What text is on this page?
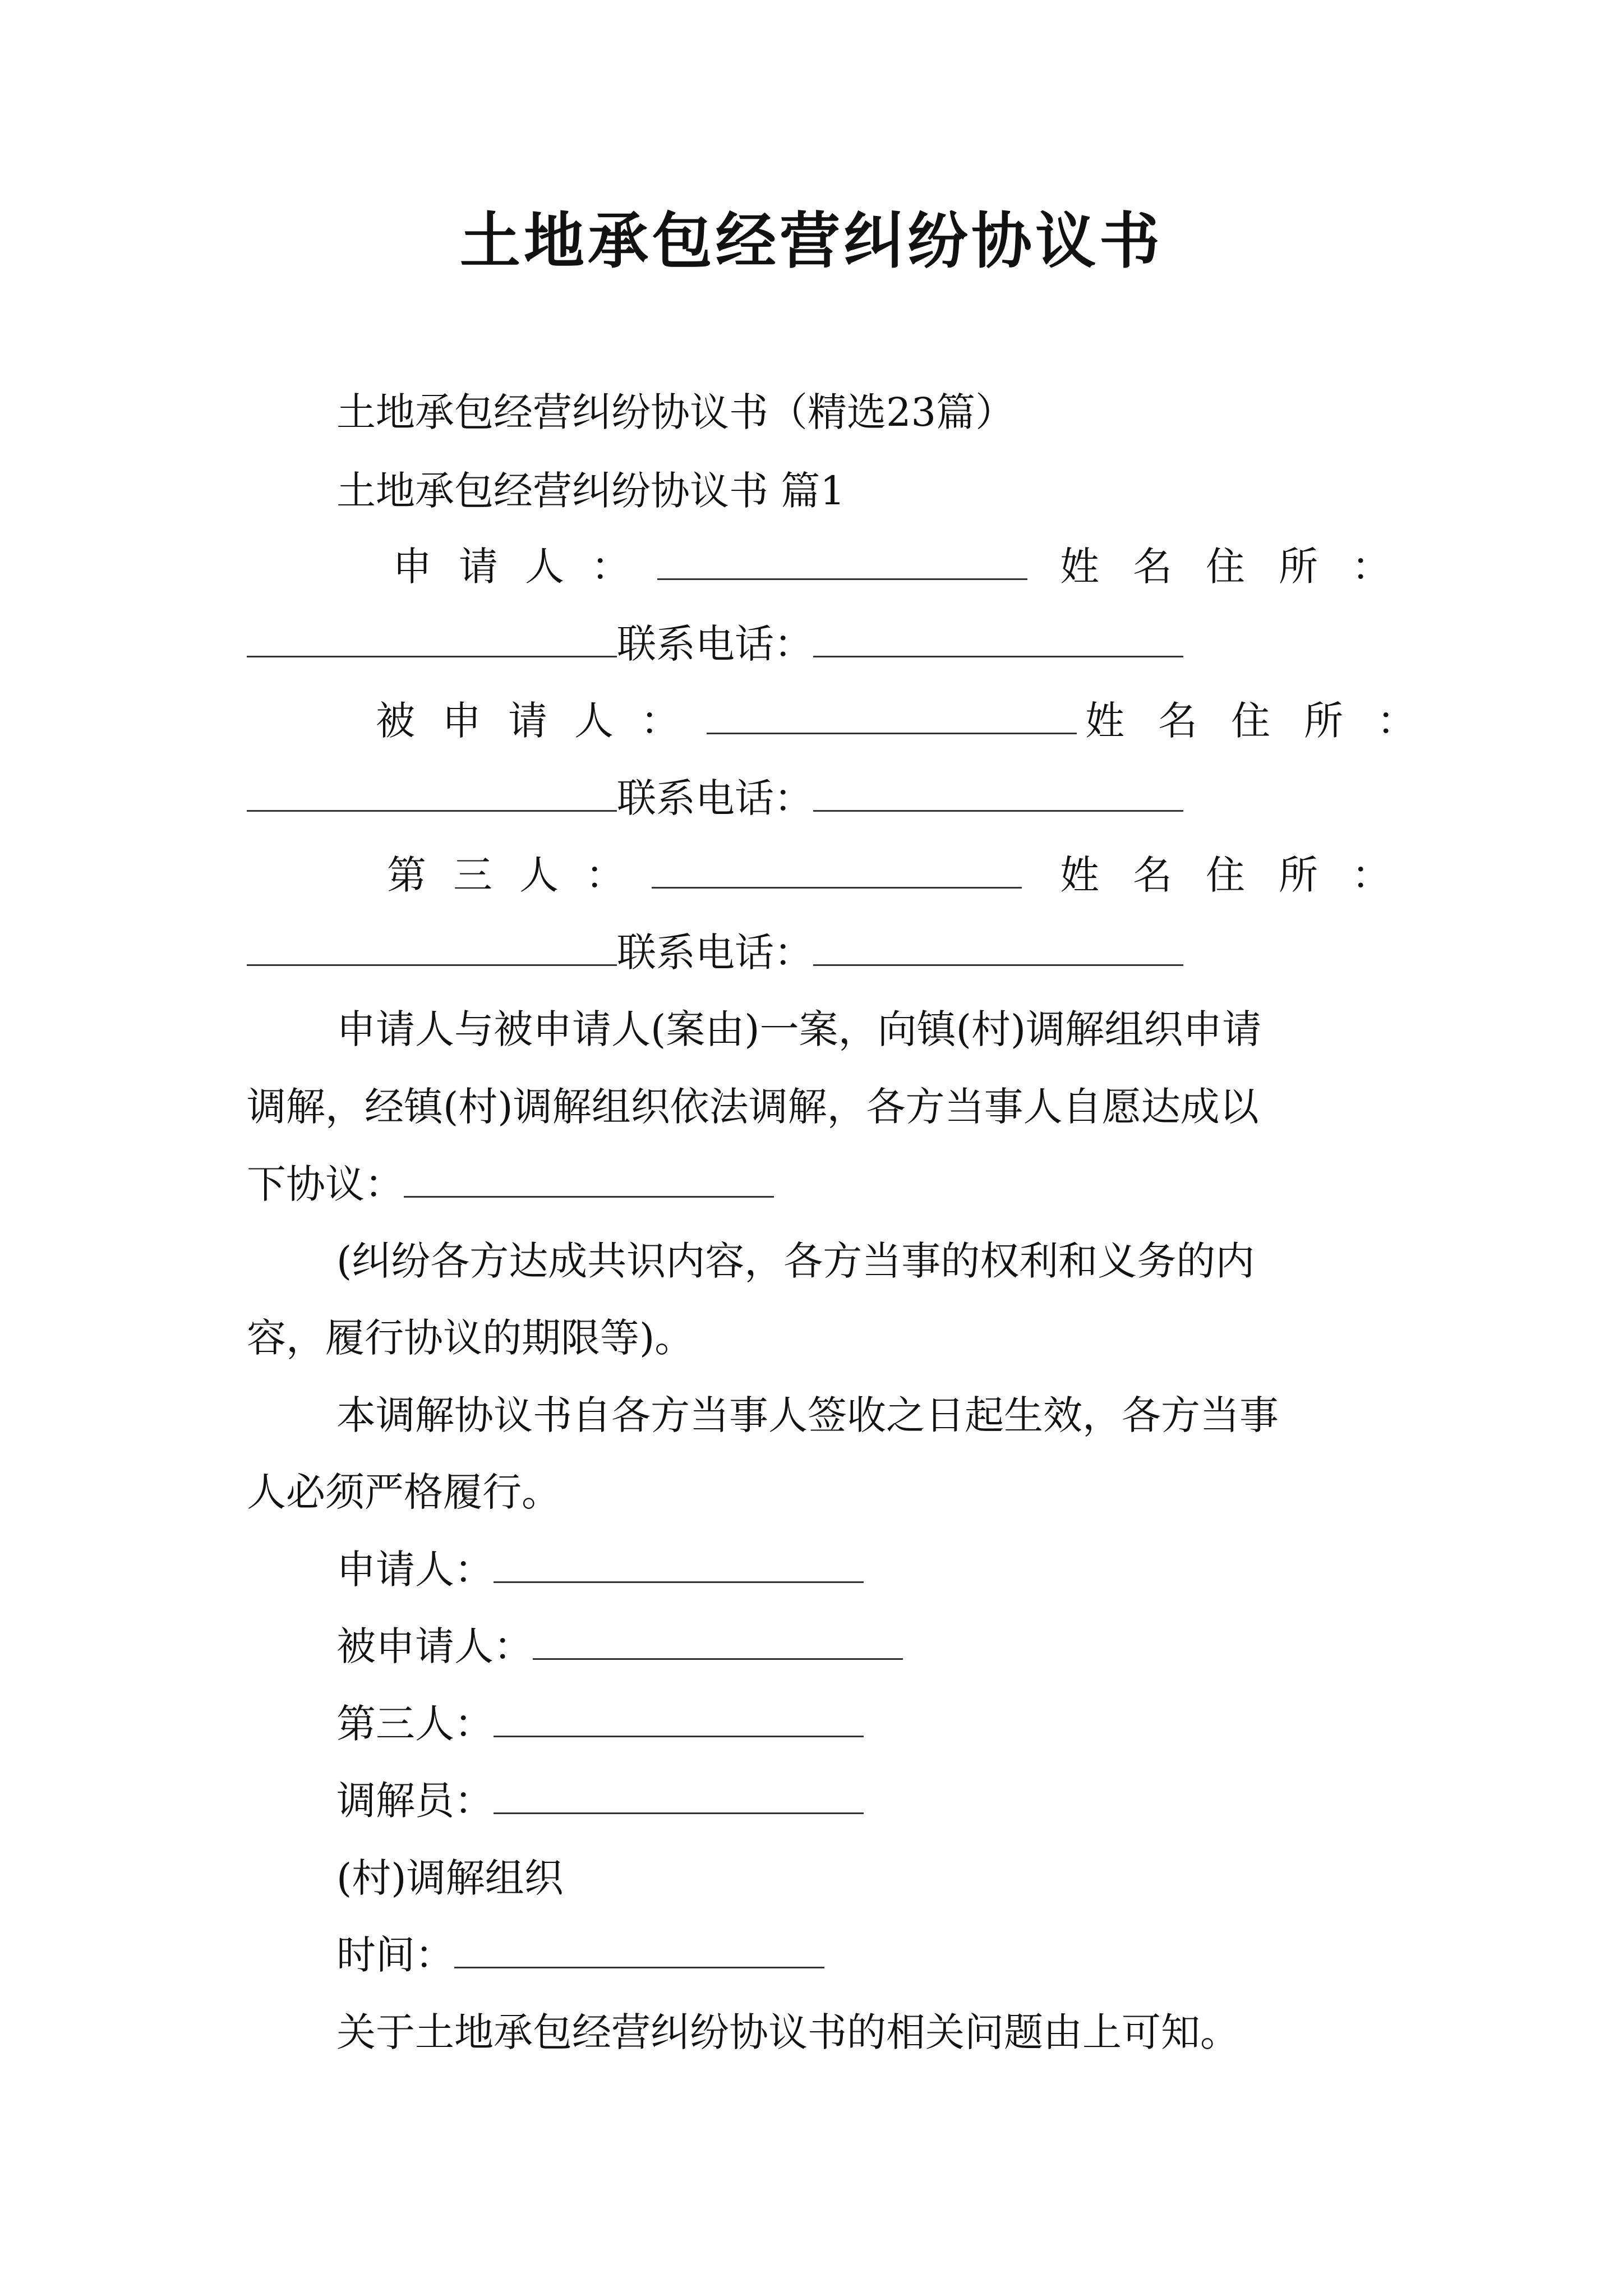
土地承包经营纠纷协议书
土地承包经营纠纷协议书（精选23篇）
土地承包经营纠纷协议书 篇1
申请人：	姓名住所：
联系电话：
被申请人：	姓名住所：
联系电话：
第三人：	姓名住所：
联系电话：
申请人与被申请人(案由)一案，向镇(村)调解组织申请
调解，经镇(村)调解组织依法调解，各方当事人自愿达成以
下协议：
(纠纷各方达成共识内容，各方当事的权利和义务的内
容，履行协议的期限等)。
本调解协议书自各方当事人签收之日起生效，各方当事
人必须严格履行。
申请人：
被申请人：
第三人：
调解员：
(村)调解组织
时间：
关于土地承包经营纠纷协议书的相关问题由上可知。
